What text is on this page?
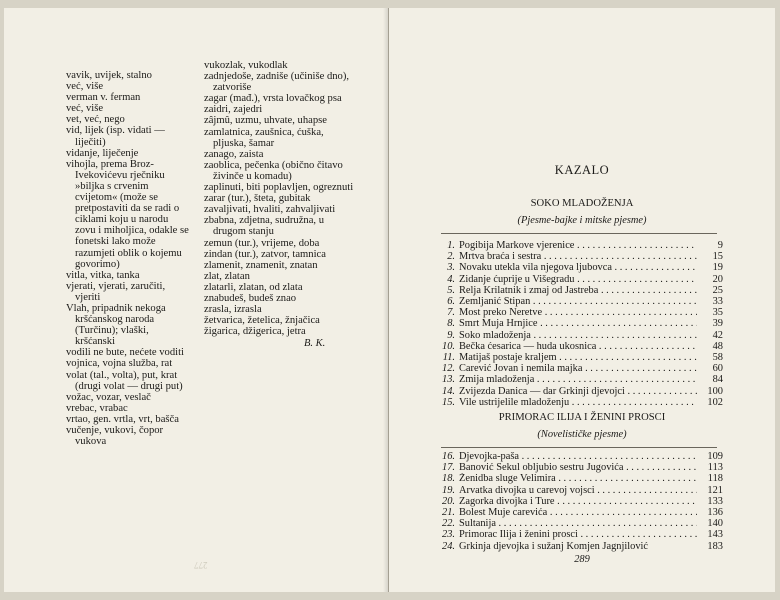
vavik, uvijek, stalno
već, više
verman v. ferman
već, više
vet, već, nego
vid, lijek (isp. vidati — liječiti)
vidanje, liječenje
vihojla, prema Broz-Ivekovićevu rječniku »biljka s crvenim cvijetom« (može se pretpostaviti da se radi o ciklami koju u narodu zovu i miholjica, odakle se fonetski lako može razumjeti oblik o kojemu govorimo)
vitla, vitka, tanka
vjerati, vjerati, zaručiti, vjeriti
Vlah, pripadnik nekoga kršćanskog naroda (Turčinu); vlaški, kršćanski
vodili ne bute, nećete voditi
vojnica, vojna služba, rat
volat (tal., volta), put, krat (drugi volat — drugi put)
vožac, vozar, veslač
vrebac, vrabac
vrtao, gen. vrtla, vrt, bašča
vučenje, vukovi, čopor vukova
vukozlak, vukodlak
zadnjedoše, zadniše (učiniše dno), zatvoriše
zagar (mađ.), vrsta lovačkog psa
zaidri, zajedri
zâjmû, uzmu, uhvate, uhapse
zamlatnica, zaušnica, ćuška, pljuska, šamar
zanago, zaista
zaoblica, pečenka (obično čitavo živinče u komadu)
zaplinuti, biti poplavljen, ogreznuti
zarar (tur.), šteta, gubitak
zavaljivati, hvaliti, zahvaljivati
zbabna, zdjetna, sudružna, u drugom stanju
zemun (tur.), vrijeme, doba
zindan (tur.), zatvor, tamnica
zlamenit, znamenit, znatan
zlat, zlatan
zlatarli, zlatan, od zlata
znabudeš, budeš znao
zrasla, izrasla
žetvarica, žetelica, žnjačica
žigarica, džigerica, jetra
B. K.
277
KAZALO
SOKO MLADOŽENJA
(Pjesme-bajke i mitske pjesme)
1. Pogibija Markove vjerenice . . .	9
2. Mrtva braća i sestra . . .	15
3. Novaku utekla vila njegova ljubovca . . .	19
4. Zidanje ćuprije u Višegradu . . .	20
5. Relja Krilatnik i zmaj od Jastreba . . .	25
6. Zemljanić Stipan . . .	33
7. Most preko Neretve . . .	35
8. Smrt Muja Hrnjice . . .	39
9. Soko mladoženja . . .	42
10. Bečka ćesarica — huda ukosnica . . .	48
11. Matijaš postaje kraljem . . .	58
12. Carević Jovan i nemila majka . . .	60
13. Zmija mladoženja . . .	84
14. Zvijezda Danica — dar Grkinji djevojci . . .	100
15. Vile ustrijelile mladoženju . . .	102
PRIMORAC ILIJA I ŽENINI PROSCI
(Novelističke pjesme)
16. Djevojka-paša . . .	109
17. Banović Sekul obljubio sestru Jugovića . . .	113
18. Ženidba sluge Velimira . . .	118
19. Arvatka divojka u carevoj vojsci . . .	121
20. Zagorka divojka i Ture . . .	133
21. Bolest Muje carevića . . .	136
22. Sultanija . . .	140
23. Primorac Ilija i ženini prosci . . .	143
24. Grkinja djevojka i sužanj Komjen Jagnjilović	183
289
